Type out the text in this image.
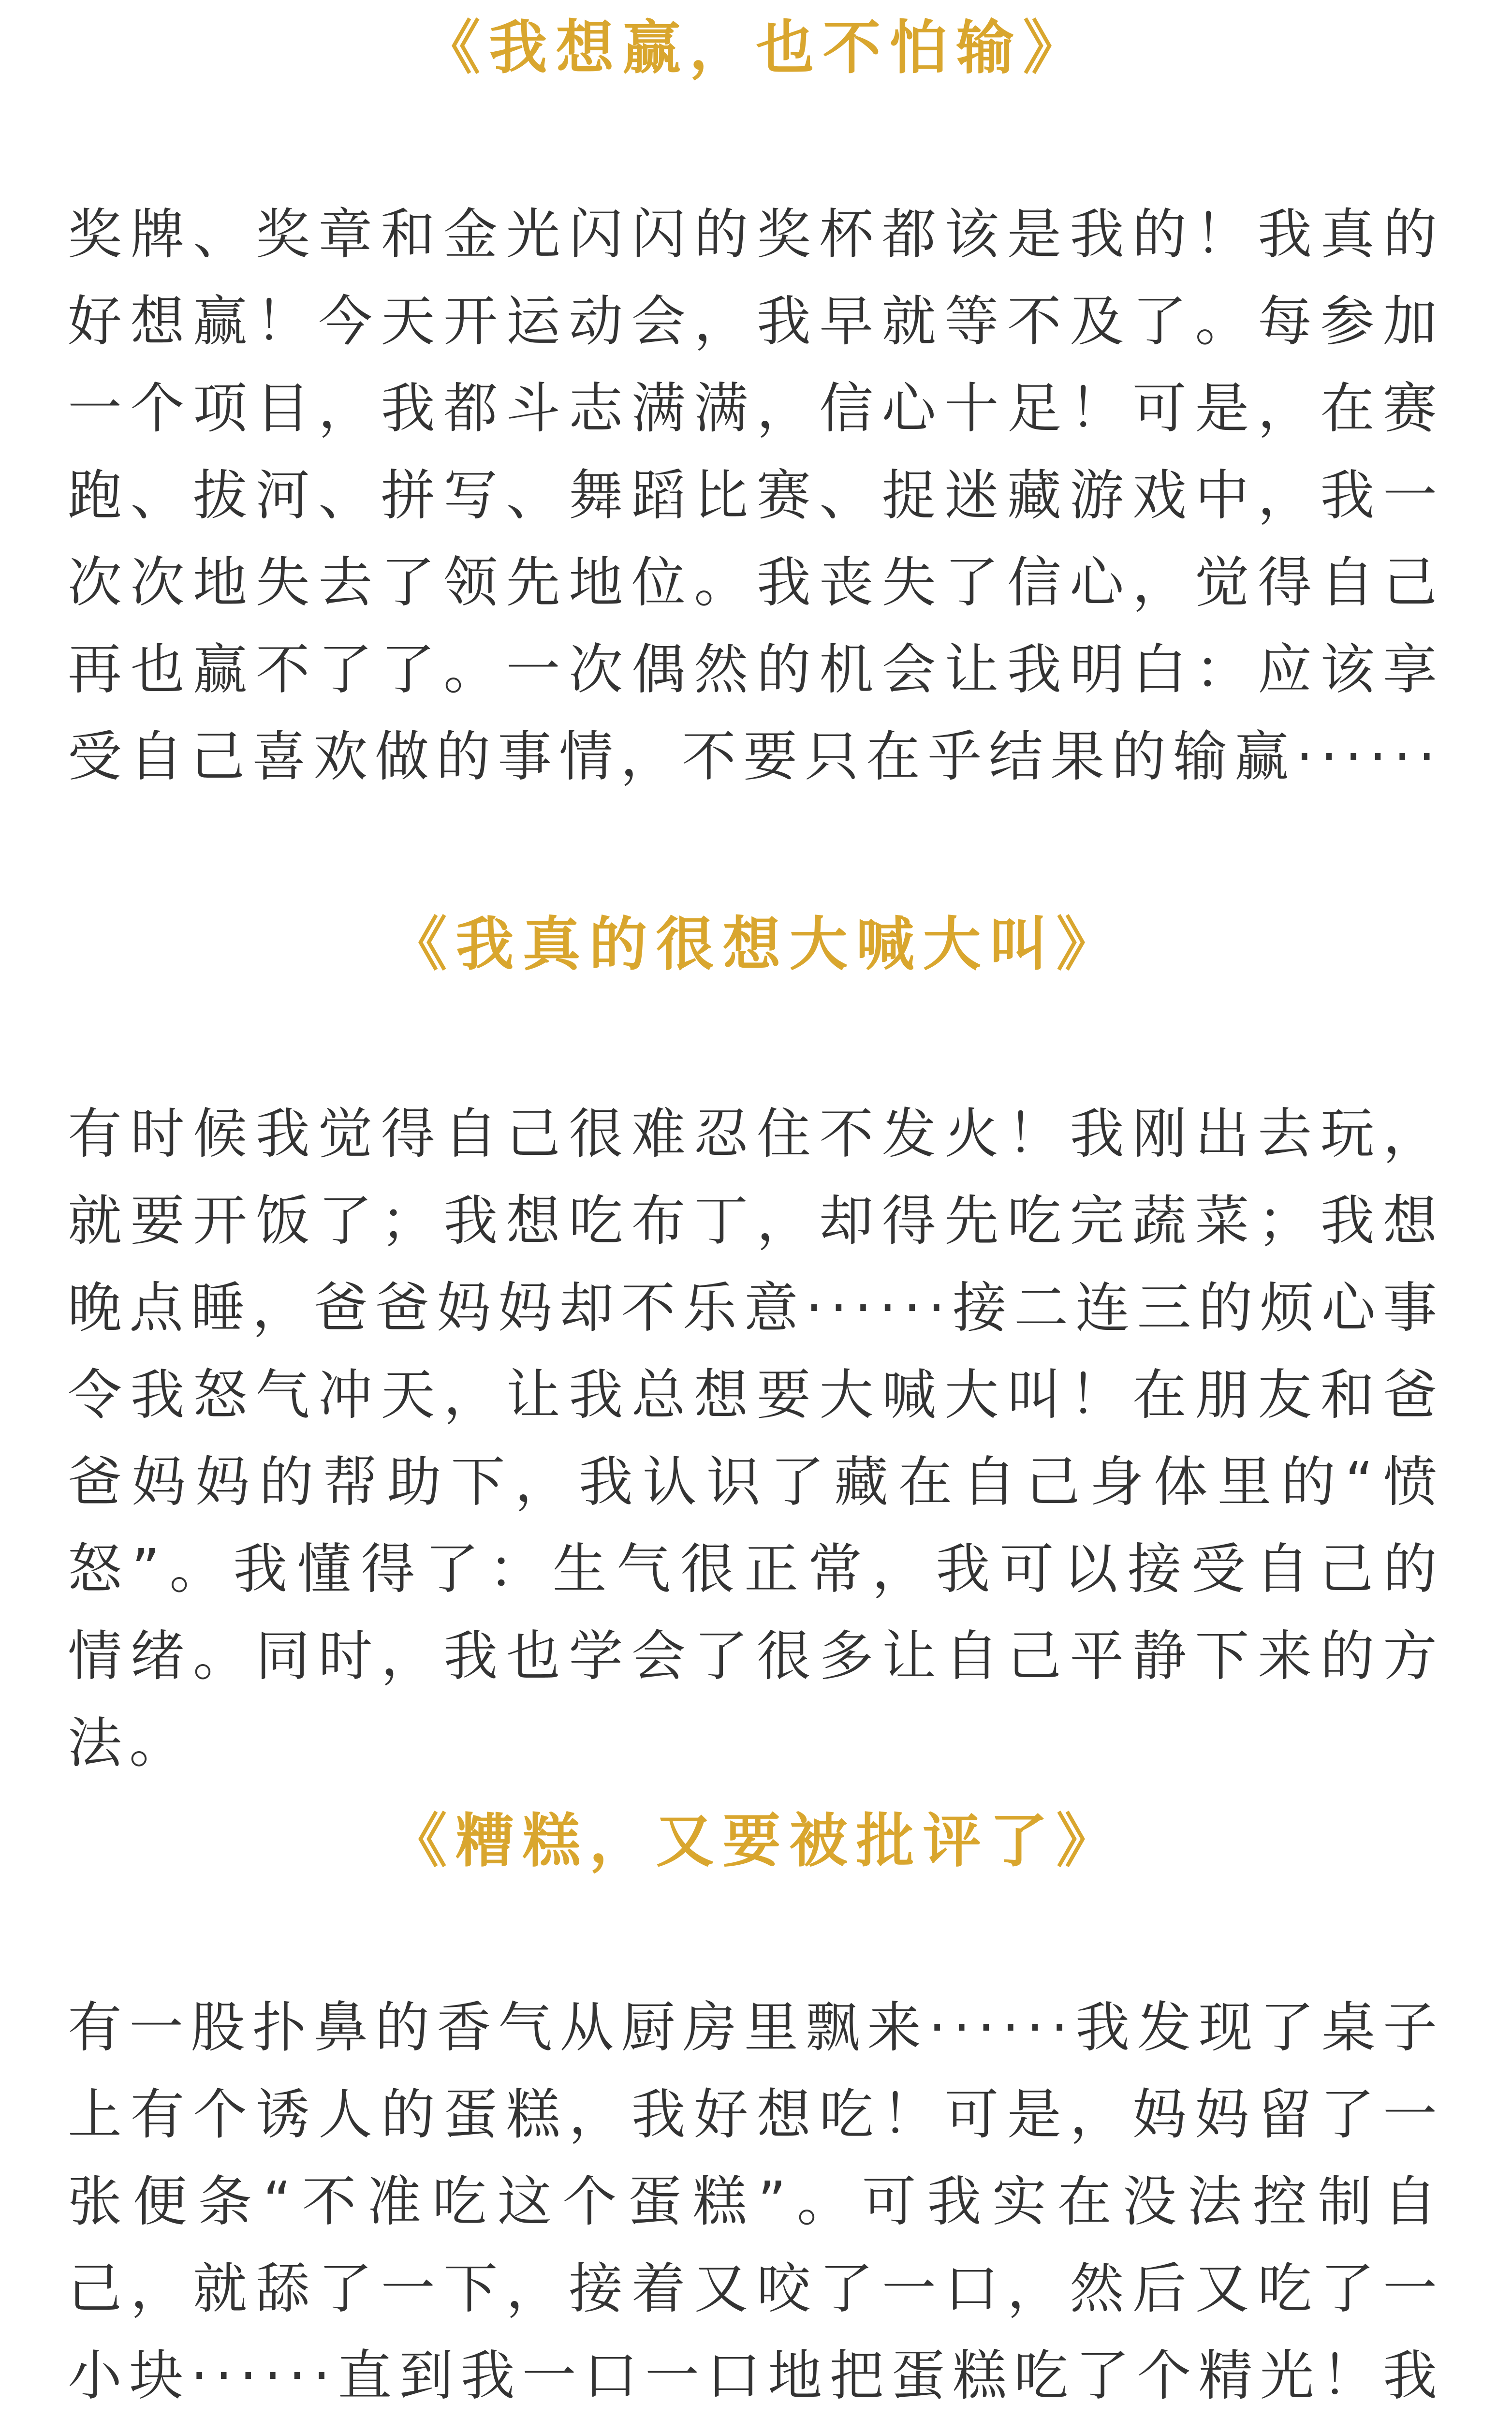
《我想赢，也不怕输》

奖牌、奖章和金光闪闪的奖杯都该是我的！我真的好想赢！今天开运动会，我早就等不及了。每参加一个项目，我都斗志满满，信心十足！可是，在赛跑、拔河、拼写、舞蹈比赛、捉迷藏游戏中，我一次次地失去了领先地位。我丧失了信心，觉得自己再也赢不了了。一次偶然的机会让我明白：应该享受自己喜欢做的事情，不要只在乎结果的输赢······

《我真的很想大喊大叫》

有时候我觉得自己很难忍住不发火！我刚出去玩，就要开饭了；我想吃布丁，却得先吃完蔬菜；我想晚点睡，爸爸妈妈却不乐意······接二连三的烦心事令我怒气冲天，让我总想要大喊大叫！在朋友和爸爸妈妈的帮助下，我认识了藏在自己身体里的“愤怒”。我懂得了：生气很正常，我可以接受自己的情绪。同时，我也学会了很多让自己平静下来的方法。

《糟糕，又要被批评了》

有一股扑鼻的香气从厨房里飘来······我发现了桌子上有个诱人的蛋糕，我好想吃！可是，妈妈留了一张便条“不准吃这个蛋糕”。可我实在没法控制自己，就舔了一下，接着又咬了一口，然后又吃了一小块······直到我一口一口地把蛋糕吃了个精光！我
